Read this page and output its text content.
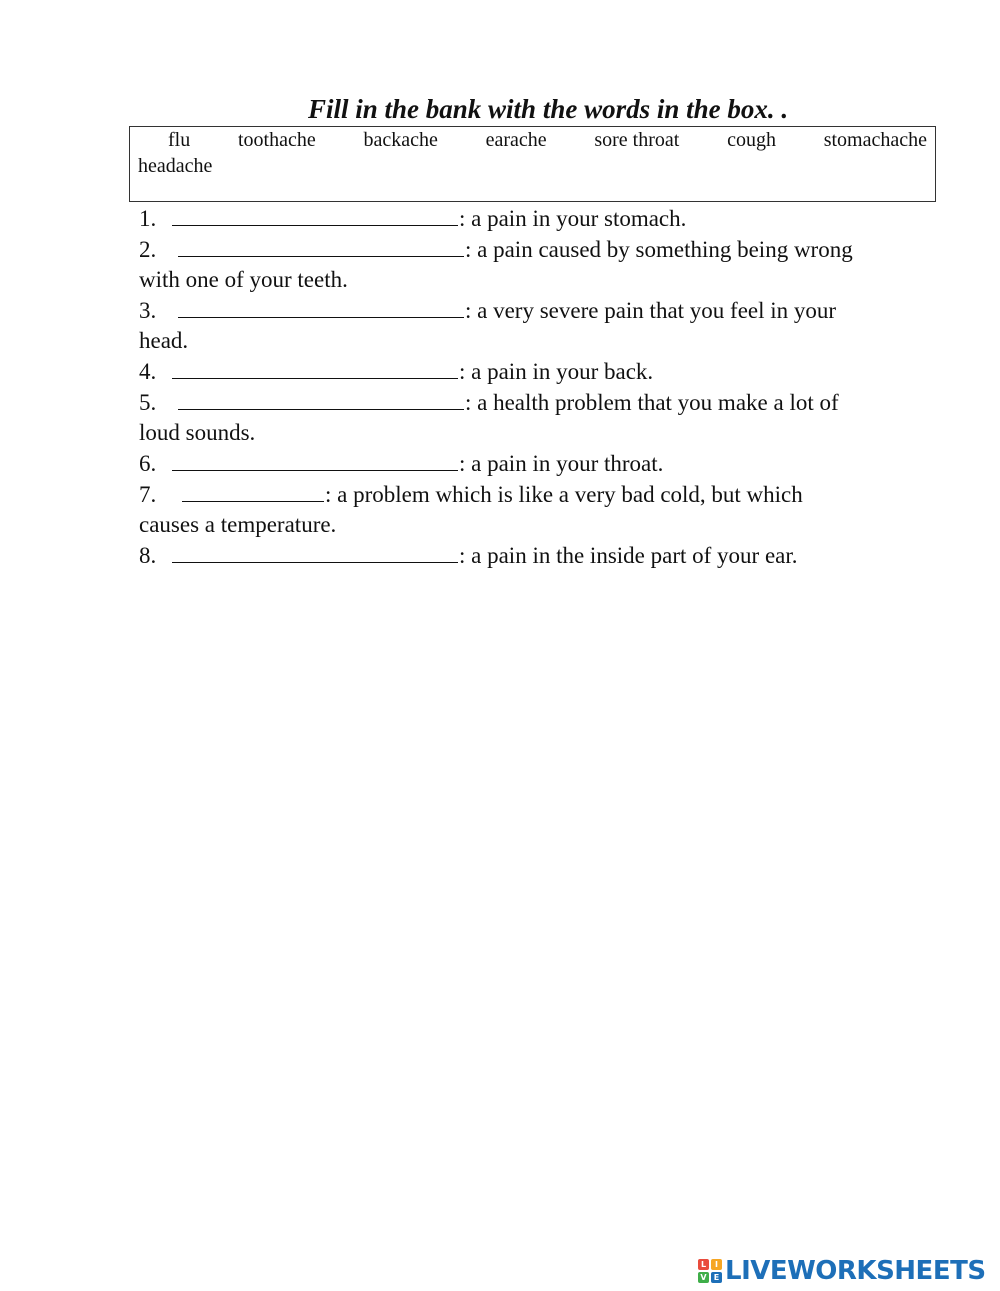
Fill in the bank with the words in the box. .
flu toothache backache earache sore throat cough stomachache
headache
1.	: a pain in your stomach.
2.	: a pain caused by something being wrong
with one of your teeth.
3.	: a very severe pain that you feel in your
head.
4.	: a pain in your back.
5.	: a health problem that you make a lot of
loud sounds.
6.	: a pain in your throat.
7.	: a problem which is like a very bad cold, but which
causes a temperature.
8.	: a pain in the inside part of your ear.
L	I
V E LIVEWORKSHEETS
